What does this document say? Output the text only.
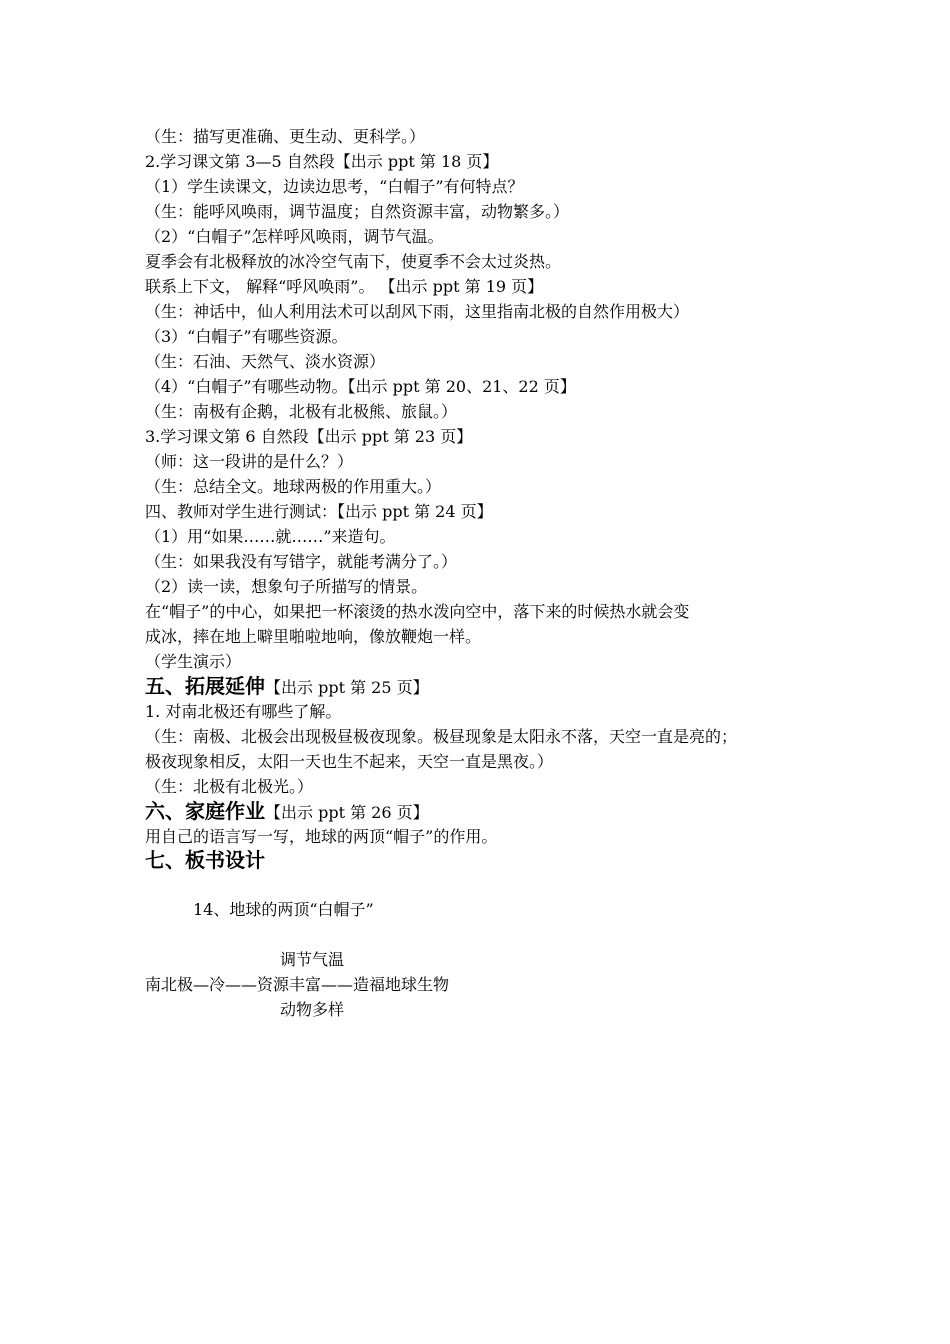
（生：描写更准确、更生动、更科学。）
2.学习课文第 3—5 自然段【出示 ppt 第 18 页】
（1）学生读课文，边读边思考，“白帽子”有何特点？
（生：能呼风唤雨，调节温度；自然资源丰富，动物繁多。）
（2）“白帽子”怎样呼风唤雨，调节气温。
夏季会有北极释放的冰冷空气南下，使夏季不会太过炎热。
联系上下文， 解释“呼风唤雨”。 【出示 ppt 第 19 页】
（生：神话中，仙人利用法术可以刮风下雨，这里指南北极的自然作用极大）
（3）“白帽子”有哪些资源。
（生：石油、天然气、淡水资源）
（4）“白帽子”有哪些动物。【出示 ppt 第 20、21、22 页】
（生：南极有企鹅，北极有北极熊、旅鼠。）
3.学习课文第 6 自然段【出示 ppt 第 23 页】
（师：这一段讲的是什么？）
（生：总结全文。地球两极的作用重大。）
四、教师对学生进行测试：【出示 ppt 第 24 页】
（1）用“如果……就……”来造句。
（生：如果我没有写错字，就能考满分了。）
（2）读一读，想象句子所描写的情景。
在“帽子”的中心，如果把一杯滚烫的热水泼向空中，落下来的时候热水就会变
成冰，摔在地上噼里啪啦地响，像放鞭炮一样。
（学生演示）
五、拓展延伸【出示 ppt 第 25 页】
1. 对南北极还有哪些了解。
（生：南极、北极会出现极昼极夜现象。极昼现象是太阳永不落，天空一直是亮的；
极夜现象相反，太阳一天也生不起来，天空一直是黑夜。）
（生：北极有北极光。）
六、家庭作业【出示 ppt 第 26 页】
用自己的语言写一写，地球的两顶“帽子”的作用。
七、板书设计
14、地球的两顶“白帽子”
调节气温
南北极—冷——资源丰富——造福地球生物
动物多样
